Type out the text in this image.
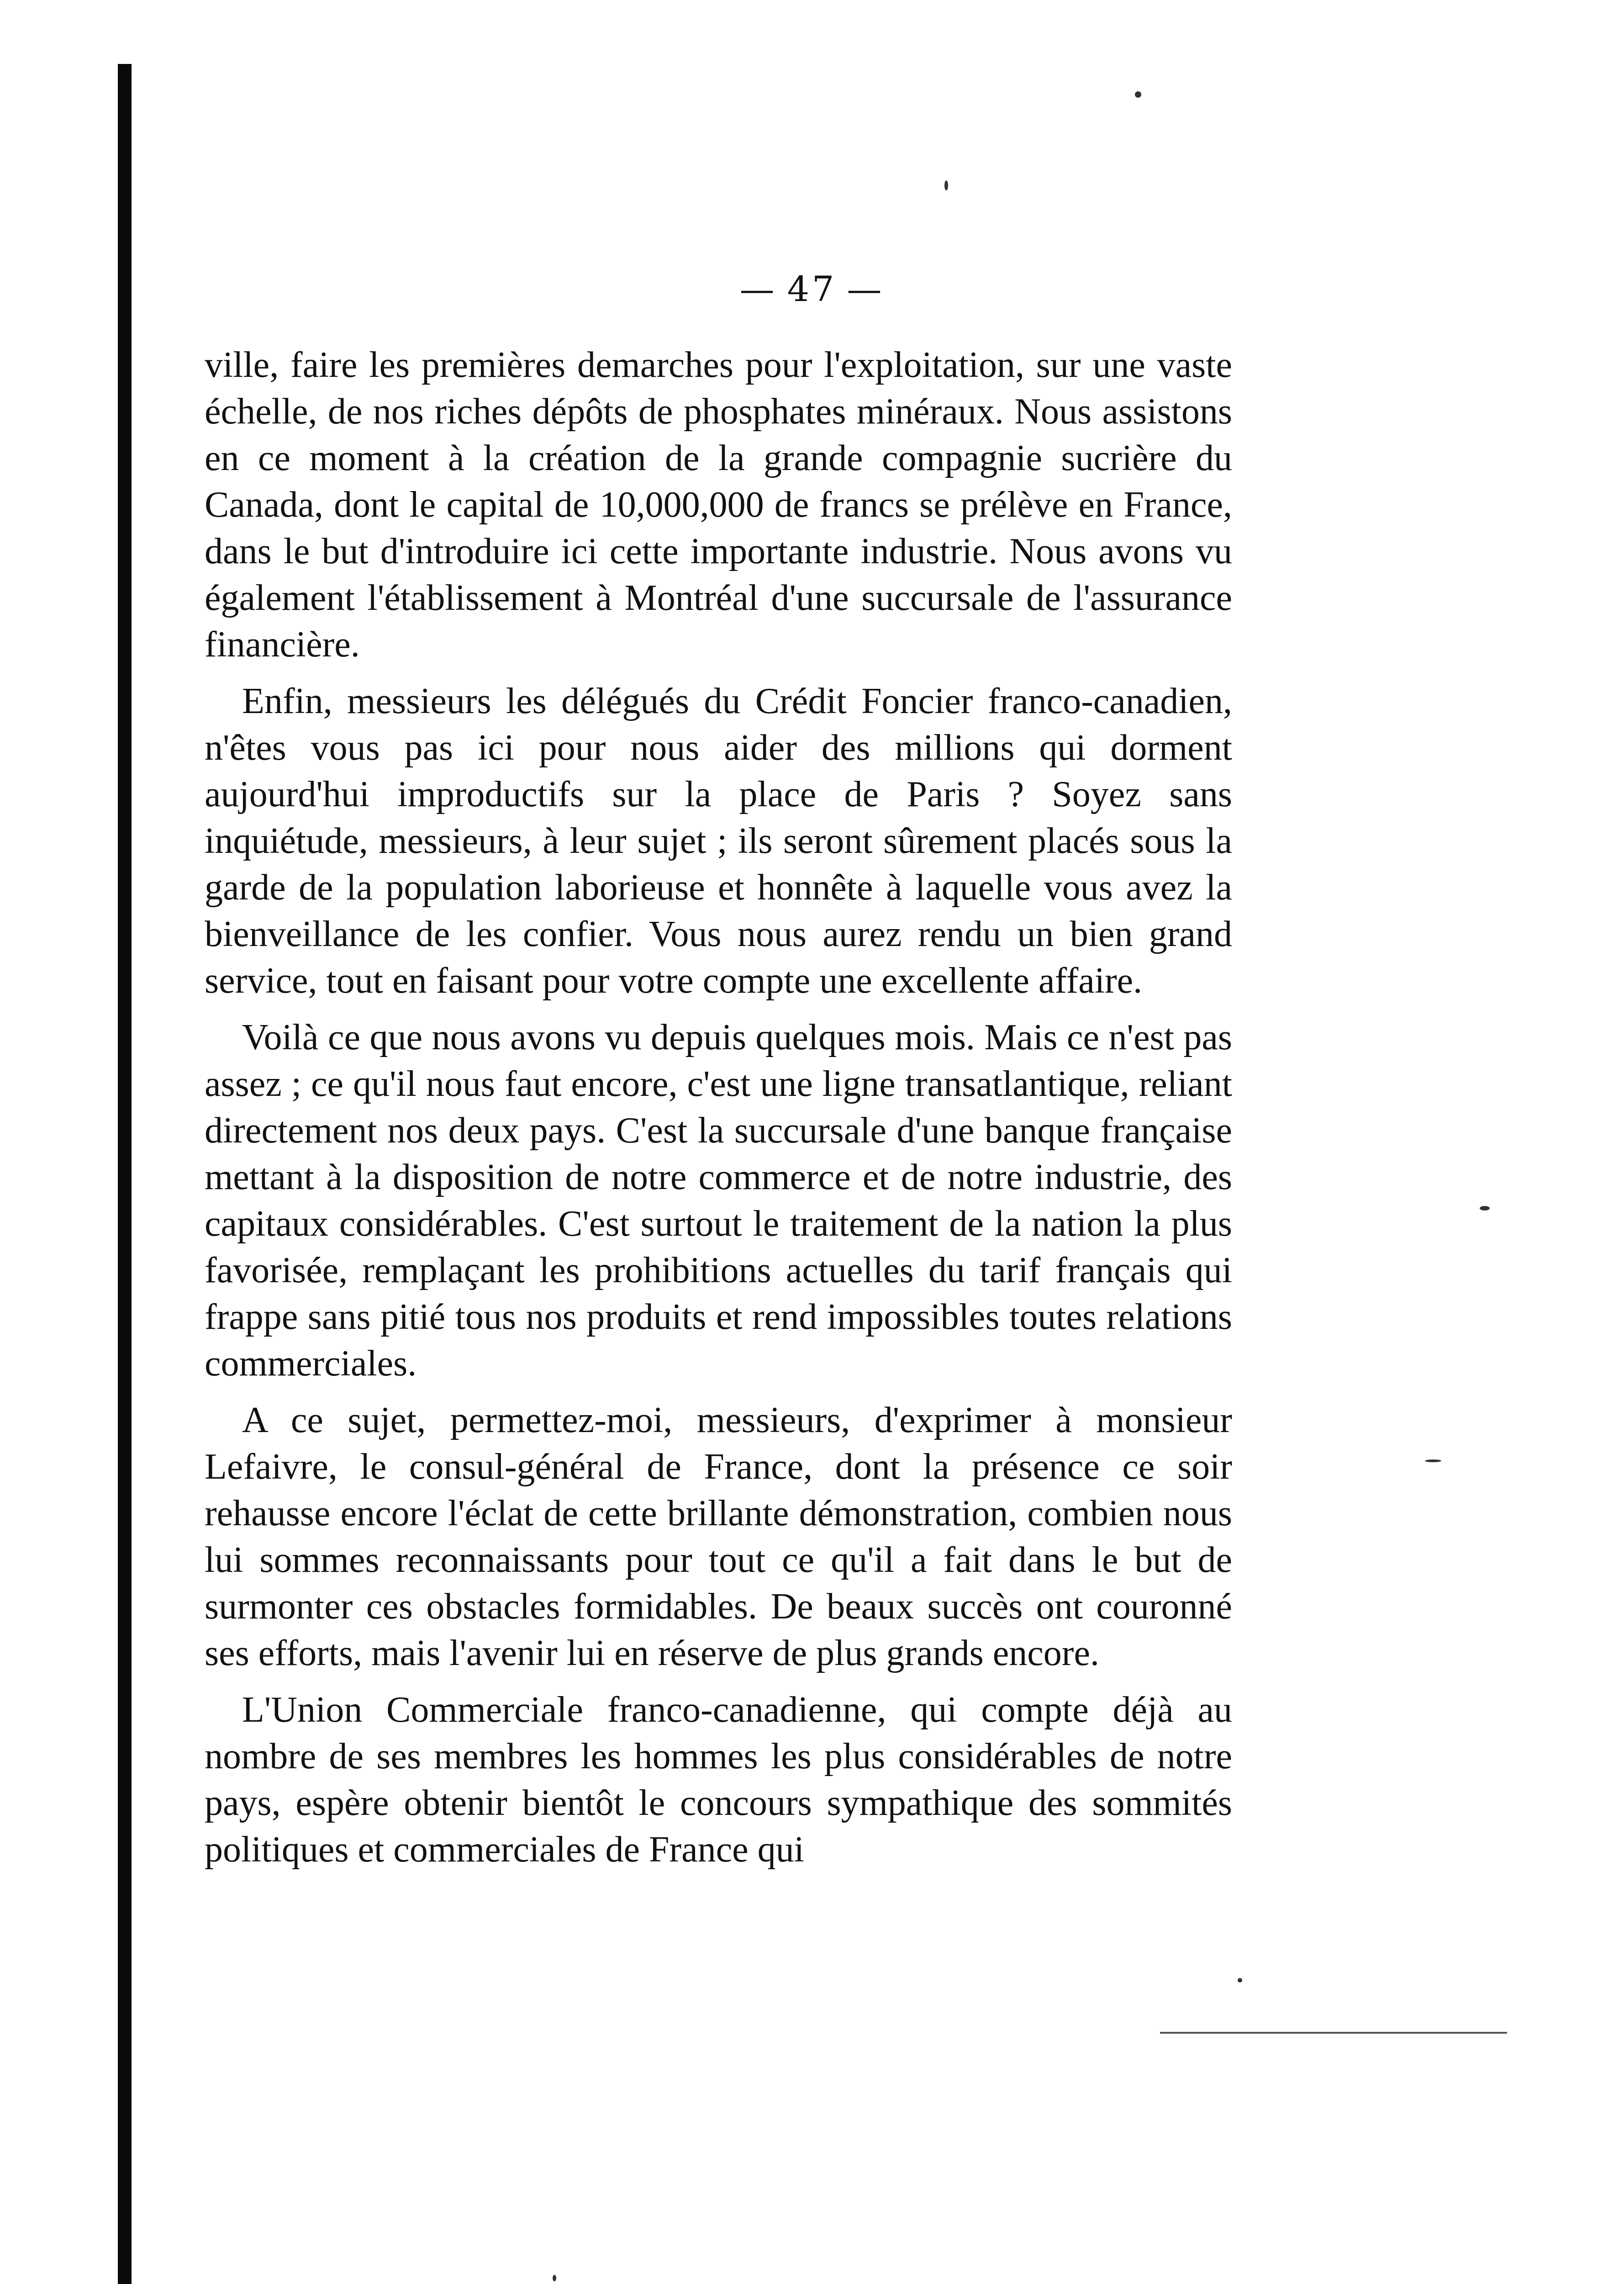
— 47 —

ville, faire les premières demarches pour l'exploitation, sur une vaste échelle, de nos riches dépôts de phosphates minéraux. Nous assistons en ce moment à la création de la grande compagnie sucrière du Canada, dont le capital de 10,000,000 de francs se prélève en France, dans le but d'introduire ici cette importante industrie. Nous avons vu également l'établissement à Montréal d'une succursale de l'assurance financière.

Enfin, messieurs les délégués du Crédit Foncier franco-canadien, n'êtes vous pas ici pour nous aider des millions qui dorment aujourd'hui improductifs sur la place de Paris ? Soyez sans inquiétude, messieurs, à leur sujet ; ils seront sûrement placés sous la garde de la population laborieuse et honnête à laquelle vous avez la bienveillance de les confier. Vous nous aurez rendu un bien grand service, tout en faisant pour votre compte une excellente affaire.

Voilà ce que nous avons vu depuis quelques mois. Mais ce n'est pas assez ; ce qu'il nous faut encore, c'est une ligne transatlantique, reliant directement nos deux pays. C'est la succursale d'une banque française mettant à la disposition de notre commerce et de notre industrie, des capitaux considérables. C'est surtout le traitement de la nation la plus favorisée, remplaçant les prohibitions actuelles du tarif français qui frappe sans pitié tous nos produits et rend impossibles toutes relations commerciales.

A ce sujet, permettez-moi, messieurs, d'exprimer à monsieur Lefaivre, le consul-général de France, dont la présence ce soir rehausse encore l'éclat de cette brillante démonstration, combien nous lui sommes reconnaissants pour tout ce qu'il a fait dans le but de surmonter ces obstacles formidables. De beaux succès ont couronné ses efforts, mais l'avenir lui en réserve de plus grands encore.

L'Union Commerciale franco-canadienne, qui compte déjà au nombre de ses membres les hommes les plus considérables de notre pays, espère obtenir bientôt le concours sympathique des sommités politiques et commerciales de France qui
